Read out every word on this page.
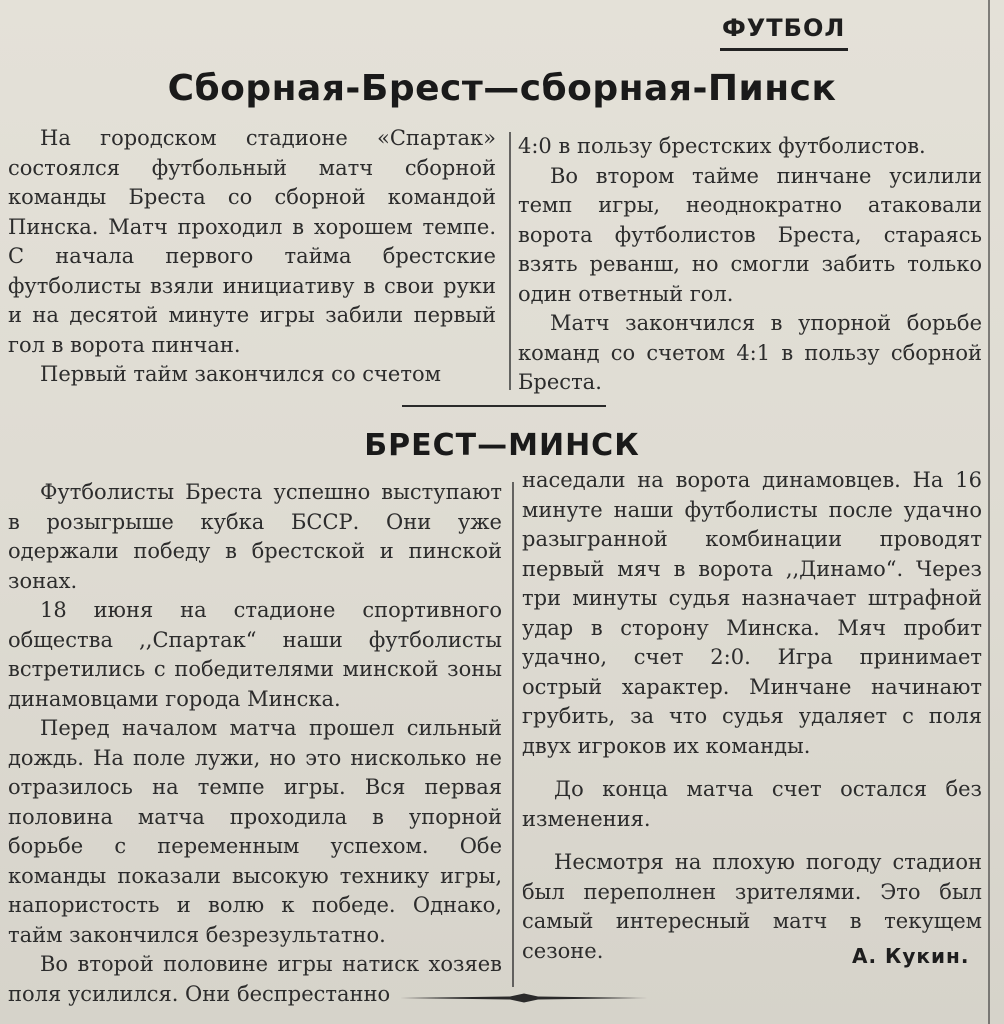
ФУТБОЛ
Сборная-Брест—сборная-Пинск

На городском стадионе «Спартак» состоялся футбольный матч сборной команды Бреста со сборной командой Пинска. Матч проходил в хорошем темпе. С начала первого тайма брестские футболисты взяли инициативу в свои руки и на десятой минуте игры забили первый гол в ворота пинчан.

Первый тайм закончился со счетом

4:0 в пользу брестских футболистов.

Во втором тайме пинчане усилили темп игры, неоднократно атаковали ворота футболистов Бреста, стараясь взять реванш, но смогли забить только один ответный гол.

Матч закончился в упорной борьбе команд со счетом 4:1 в пользу сборной Бреста.

БРЕСТ—МИНСК

Футболисты Бреста успешно выступают в розыгрыше кубка БССР. Они уже одержали победу в брестской и пинской зонах.

18 июня на стадионе спортивного общества ,,Спартак“ наши футболисты встретились с победителями минской зоны динамовцами города Минска.

Перед началом матча прошел сильный дождь. На поле лужи, но это нисколько не отразилось на темпе игры. Вся первая половина матча проходила в упорной борьбе с переменным успехом. Обе команды показали высокую технику игры, напористость и волю к победе. Однако, тайм закончился безрезультатно.

Во второй половине игры натиск хозяев поля усилился. Они беспрестанно

наседали на ворота динамовцев. На 16 минуте наши футболисты после удачно разыгранной комбинации проводят первый мяч в ворота ,,Динамо“. Через три минуты судья назначает штрафной удар в сторону Минска. Мяч пробит удачно, счет 2:0. Игра принимает острый характер. Минчане начинают грубить, за что судья удаляет с поля двух игроков их команды.

До конца матча счет остался без изменения.

Несмотря на плохую погоду стадион был переполнен зрителями. Это был самый интересный матч в текущем сезоне.	А. Кукин.
